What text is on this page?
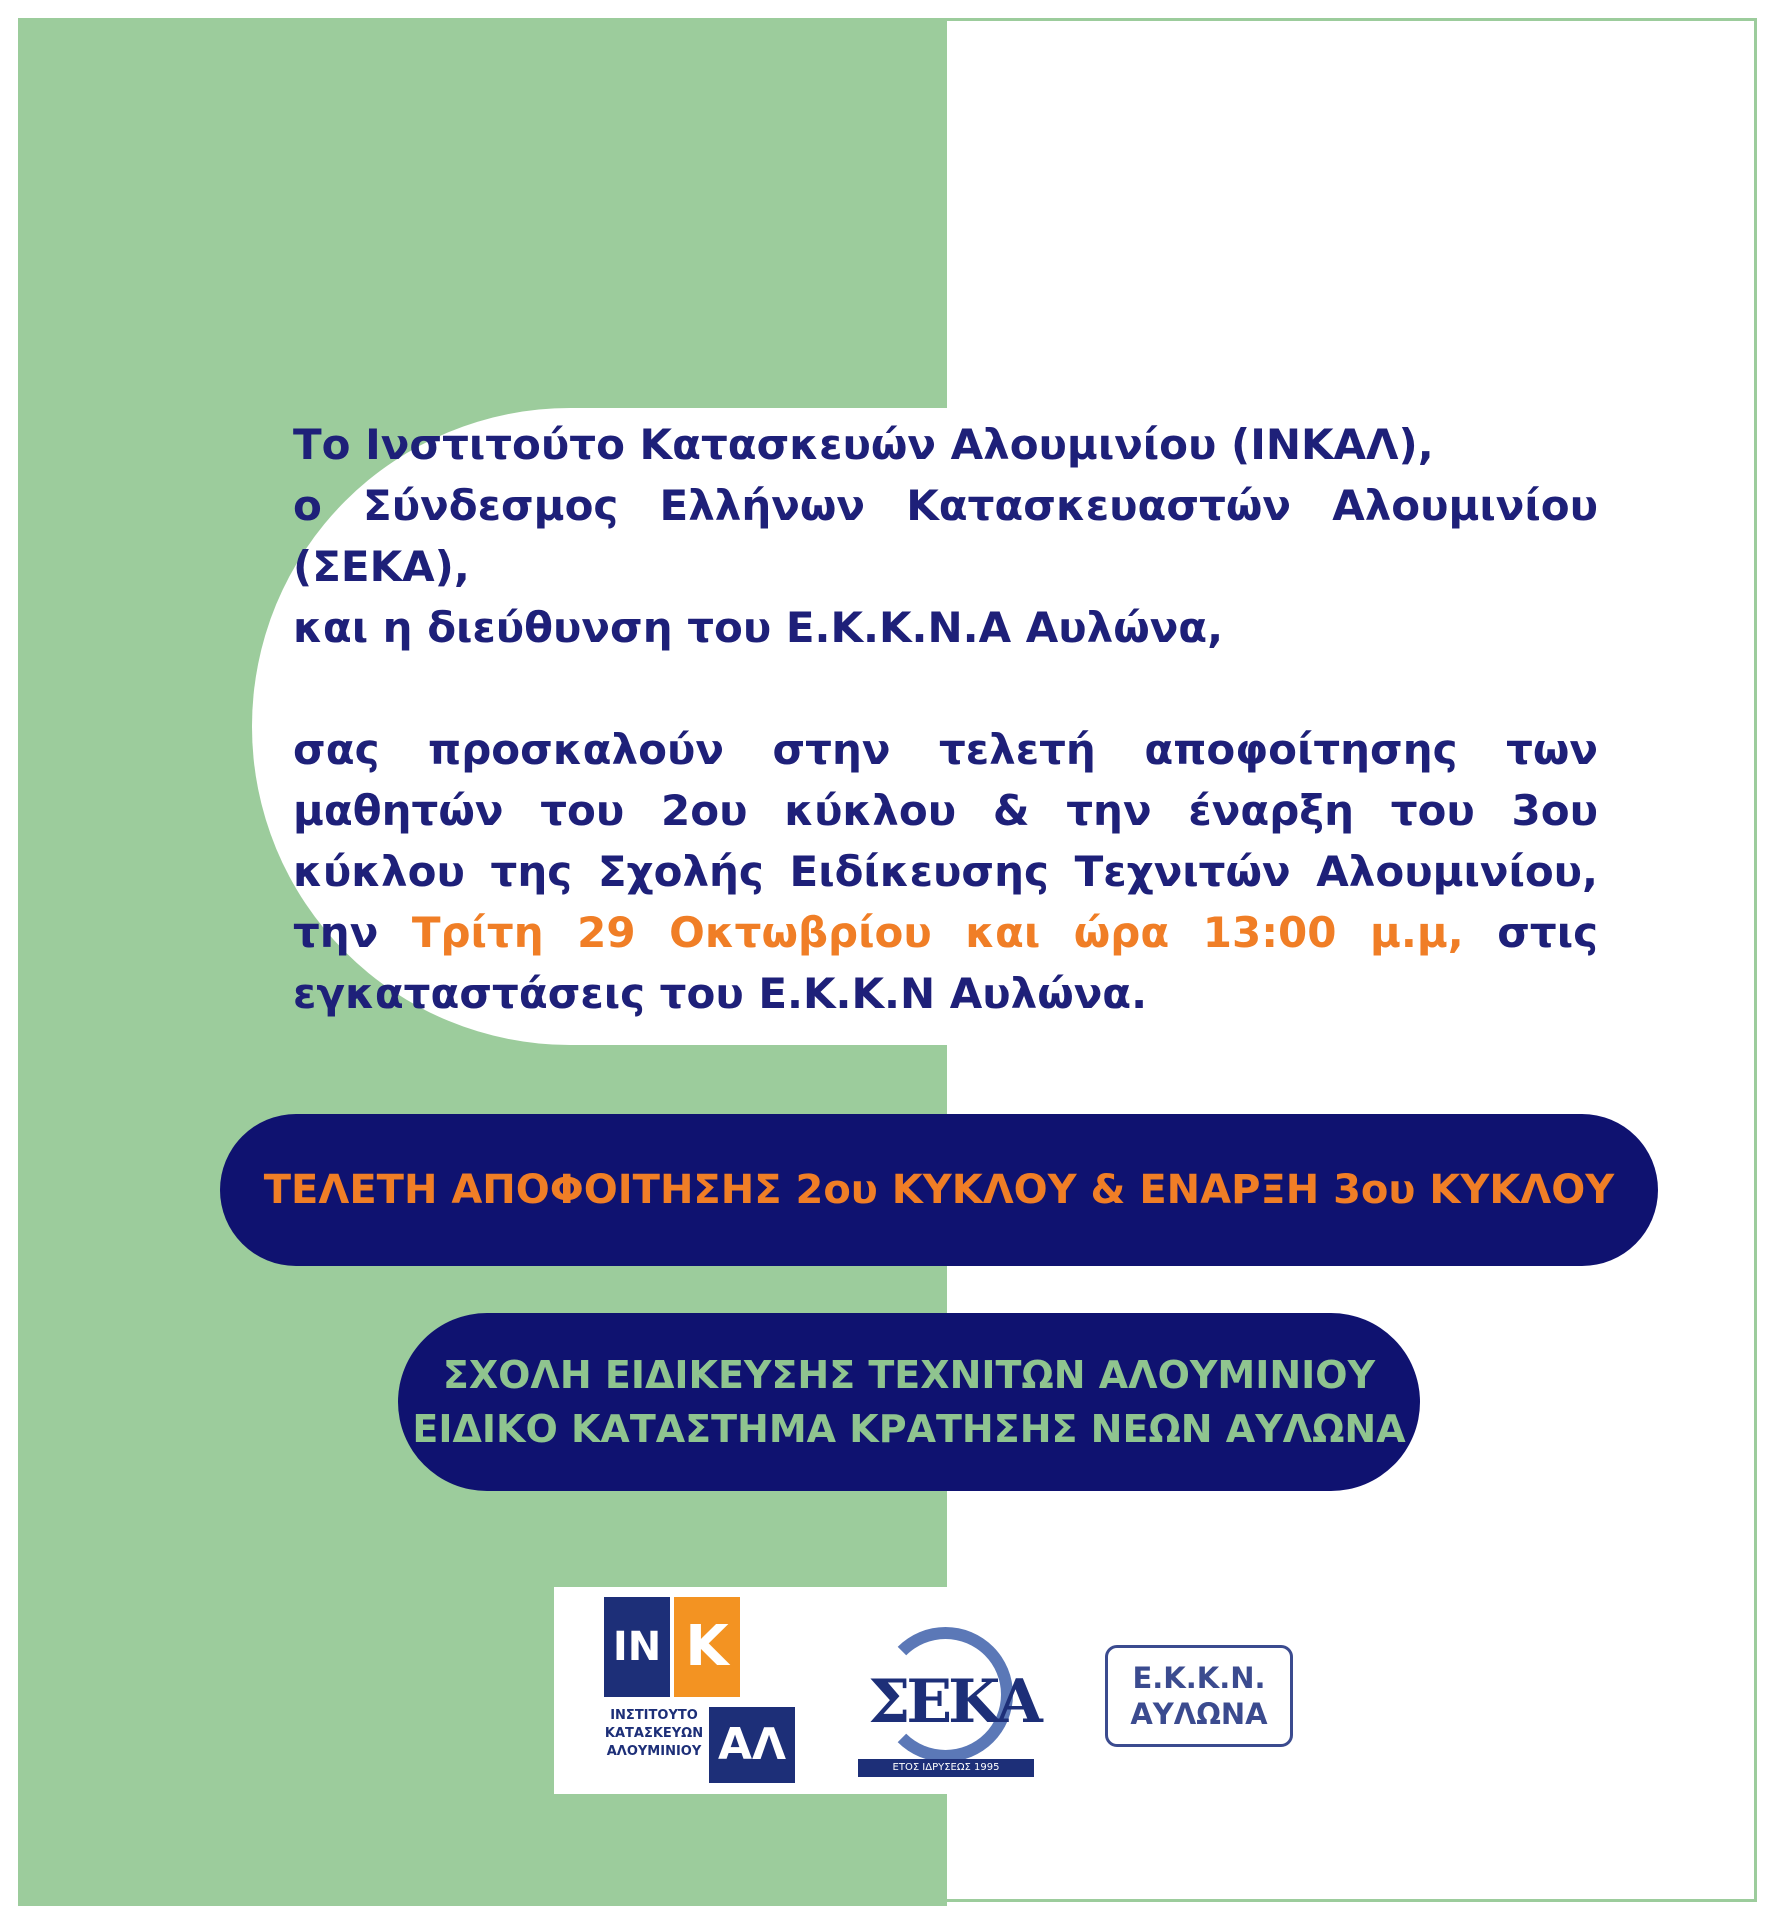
Το Ινστιτούτο Κατασκευών Αλουμινίου (ΙΝΚΑΛ),

ο Σύνδεσμος Ελλήνων Κατασκευαστών Αλουμινίου (ΣΕΚΑ),

και η διεύθυνση του Ε.Κ.Κ.Ν.Α Αυλώνα,

σας προσκαλούν στην τελετή αποφοίτησης των μαθητών του 2ου κύκλου & την έναρξη του 3ου κύκλου της Σχολής Ειδίκευσης Τεχνιτών Αλουμινίου, την Τρίτη 29 Οκτωβρίου και ώρα 13:00 μ.μ, στις εγκαταστάσεις του Ε.Κ.Κ.Ν Αυλώνα.

ΤΕΛΕΤΗ ΑΠΟΦΟΙΤΗΣΗΣ 2ου ΚΥΚΛΟΥ & ΕΝΑΡΞΗ 3ου ΚΥΚΛΟΥ
ΣΧΟΛΗ ΕΙΔΙΚΕΥΣΗΣ ΤΕΧΝΙΤΩΝ ΑΛΟΥΜΙΝΙΟΥ
ΕΙΔΙΚΟ ΚΑΤΑΣΤΗΜΑ ΚΡΑΤΗΣΗΣ ΝΕΩΝ ΑΥΛΩΝΑ
IN K
ΑΛ
ΙΝΣΤΙΤΟΥΤΟ ΚΑΤΑΣΚΕΥΩΝ ΑΛΟΥΜΙΝΙΟΥ
ΣΕΚΑ
ΕΤΟΣ ΙΔΡΥΣΕΩΣ 1995
Ε.Κ.Κ.Ν.
ΑΥΛΩΝΑ
